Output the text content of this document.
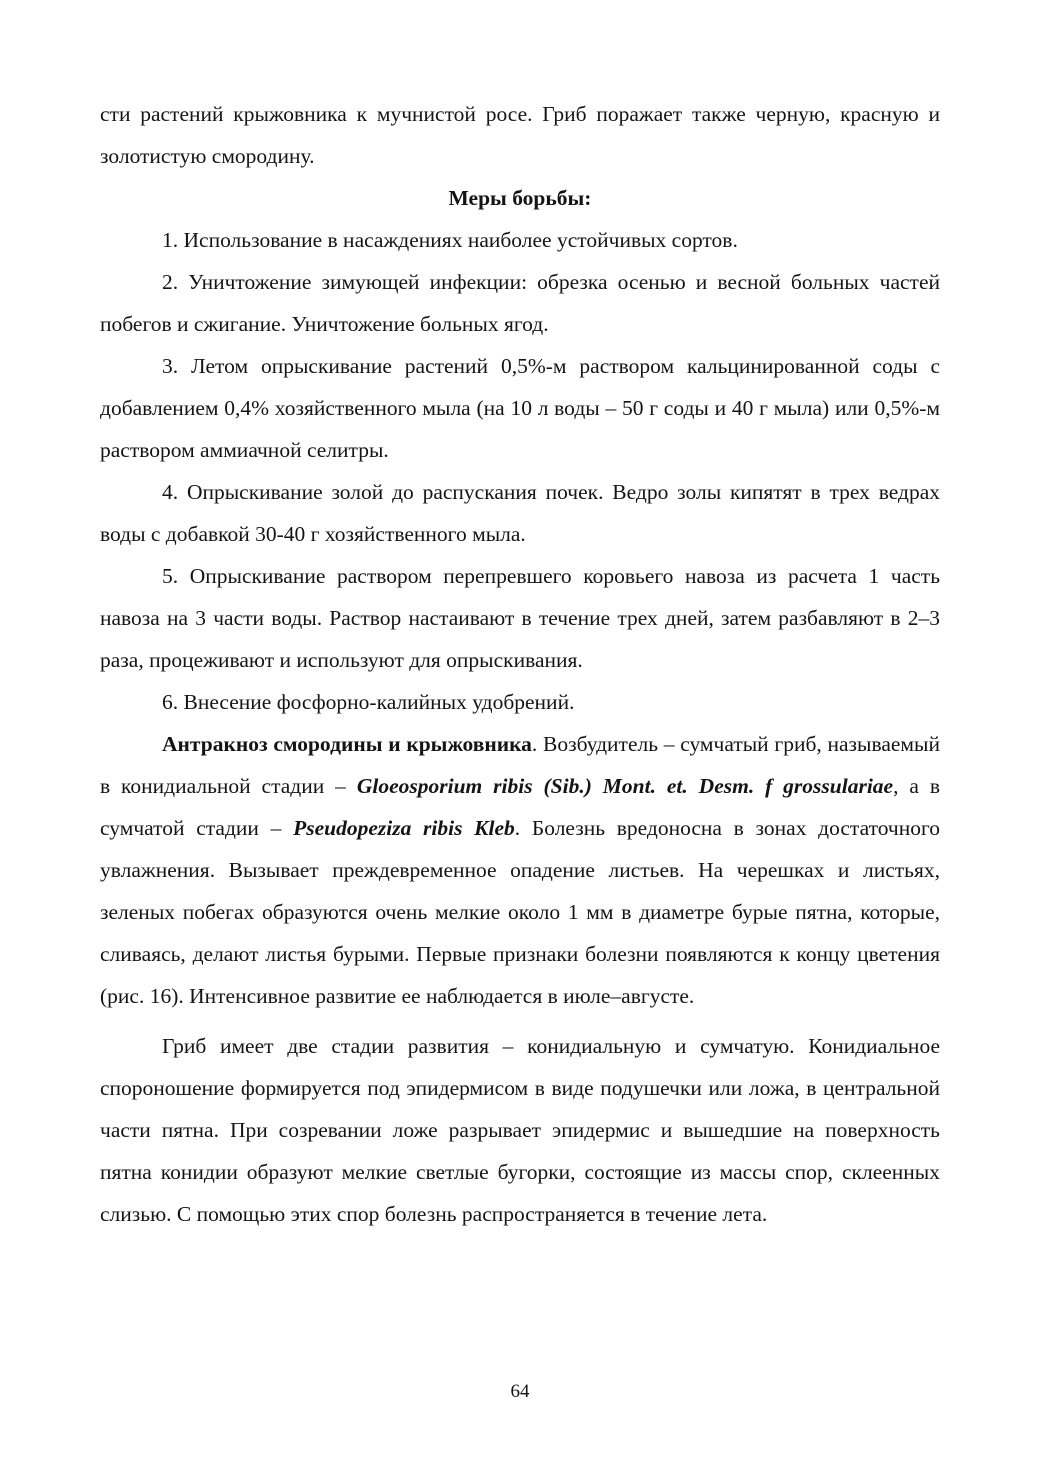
сти растений крыжовника к мучнистой росе. Гриб поражает также черную, красную и золотистую смородину.

Меры борьбы:

1. Использование в насаждениях наиболее устойчивых сортов.

2. Уничтожение зимующей инфекции: обрезка осенью и весной больных частей побегов и сжигание. Уничтожение больных ягод.

3. Летом опрыскивание растений 0,5%-м раствором кальцинированной соды с добавлением 0,4% хозяйственного мыла (на 10 л воды – 50 г соды и 40 г мыла) или 0,5%-м раствором аммиачной селитры.

4. Опрыскивание золой до распускания почек. Ведро золы кипятят в трех ведрах воды с добавкой 30-40 г хозяйственного мыла.

5. Опрыскивание раствором перепревшего коровьего навоза из расчета 1 часть навоза на 3 части воды. Раствор настаивают в течение трех дней, затем разбавляют в 2–3 раза, процеживают и используют для опрыскивания.

6. Внесение фосфорно-калийных удобрений.

Антракноз смородины и крыжовника. Возбудитель – сумчатый гриб, называемый в конидиальной стадии – Gloeosporium ribis (Sib.) Mont. et. Desm. f grossulariae, а в сумчатой стадии – Pseudopeziza ribis Kleb. Болезнь вредоносна в зонах достаточного увлажнения. Вызывает преждевременное опадение листьев. На черешках и листьях, зеленых побегах образуются очень мелкие около 1 мм в диаметре бурые пятна, которые, сливаясь, делают листья бурыми. Первые признаки болезни появляются к концу цветения (рис. 16). Интенсивное развитие ее наблюдается в июле–августе.

Гриб имеет две стадии развития – конидиальную и сумчатую. Конидиальное спороношение формируется под эпидермисом в виде подушечки или ложа, в центральной части пятна. При созревании ложе разрывает эпидермис и вышедшие на поверхность пятна конидии образуют мелкие светлые бугорки, состоящие из массы спор, склеенных слизью. С помощью этих спор болезнь распространяется в течение лета.

64
